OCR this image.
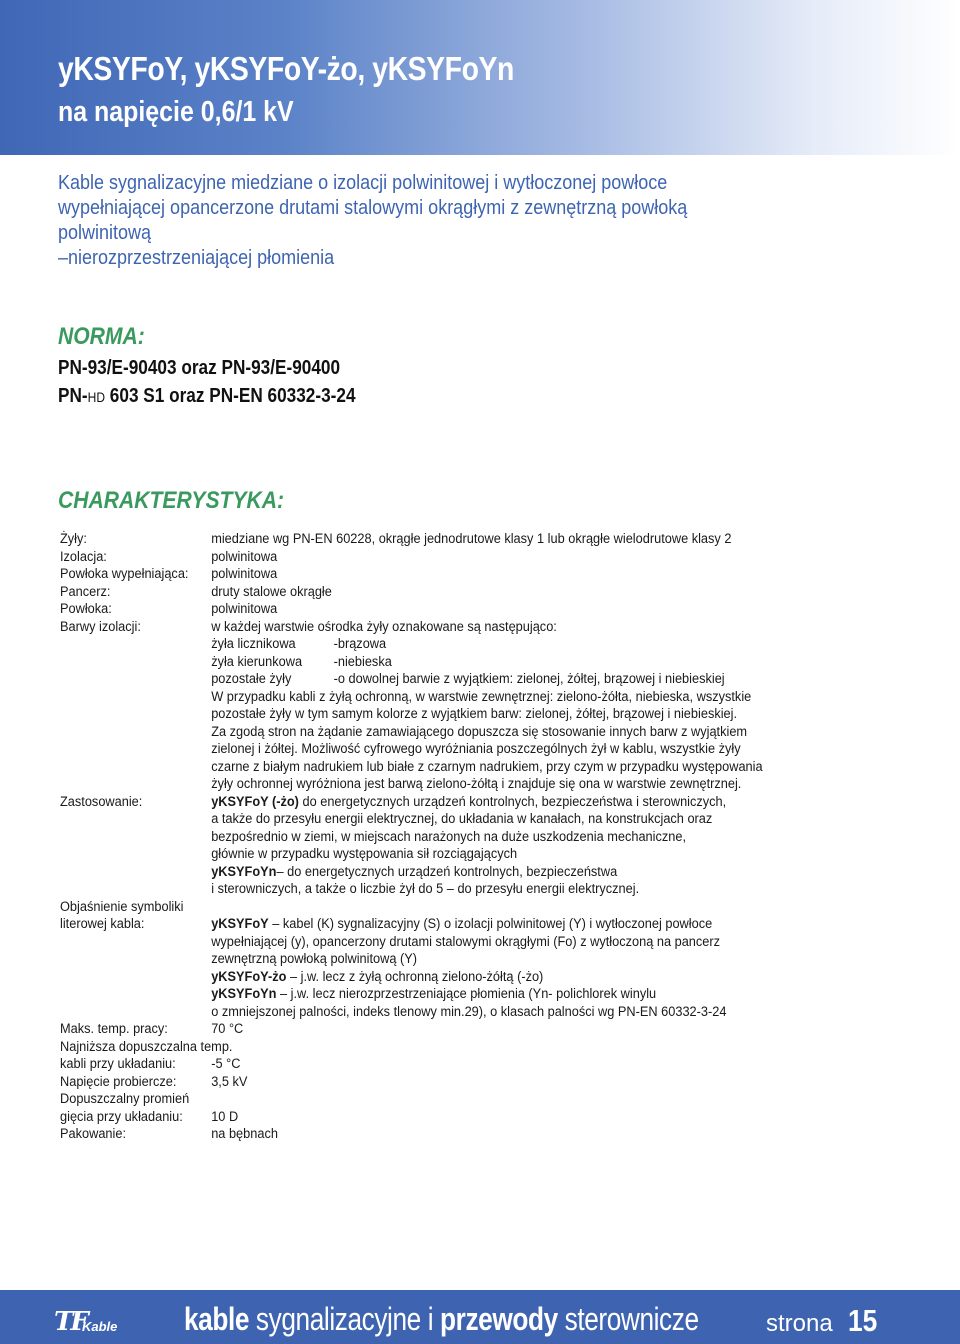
yKSYFoY, yKSYFoY-żo, yKSYFoYn
na napięcie 0,6/1 kV
Kable sygnalizacyjne miedziane o izolacji polwinitowej i wytłoczonej powłoce
wypełniającej opancerzone drutami stalowymi okrągłymi z zewnętrzną powłoką
polwinitową
–nierozprzestrzeniającej płomienia
NORMA:
PN-93/E-90403 oraz PN-93/E-90400
PN-HD 603 S1 oraz PN-EN 60332-3-24
CHARAKTERYSTYKA:
Żyły:	miedziane wg PN-EN 60228, okrągłe jednodrutowe klasy 1 lub okrągłe wielodrutowe klasy 2
Izolacja:	polwinitowa
Powłoka wypełniająca:	polwinitowa
Pancerz:	druty stalowe okrągłe
Powłoka:	polwinitowa
Barwy izolacji:	w każdej warstwie ośrodka żyły oznakowane są następująco:
żyła licznikowa	-brązowa
żyła kierunkowa	-niebieska
pozostałe żyły	-o dowolnej barwie z wyjątkiem: zielonej, żółtej, brązowej i niebieskiej
W przypadku kabli z żyłą ochronną, w warstwie zewnętrznej: zielono-żółta, niebieska, wszystkie
pozostałe żyły w tym samym kolorze z wyjątkiem barw: zielonej, żółtej, brązowej i niebieskiej.
Za zgodą stron na żądanie zamawiającego dopuszcza się stosowanie innych barw z wyjątkiem
zielonej i żółtej. Możliwość cyfrowego wyróżniania poszczególnych żył w kablu, wszystkie żyły
czarne z białym nadrukiem lub białe z czarnym nadrukiem, przy czym w przypadku występowania
żyły ochronnej wyróżniona jest barwą zielono-żółtą i znajduje się ona w warstwie zewnętrznej.
Zastosowanie:	yKSYFoY (-żo) do energetycznych urządzeń kontrolnych, bezpieczeństwa i sterowniczych,
a także do przesyłu energii elektrycznej, do układania w kanałach, na konstrukcjach oraz
bezpośrednio w ziemi, w miejscach narażonych na duże uszkodzenia mechaniczne,
głównie w przypadku występowania sił rozciągających
yKSYFoYn– do energetycznych urządzeń kontrolnych, bezpieczeństwa
i sterowniczych, a także o liczbie żył do 5 – do przesyłu energii elektrycznej.
Objaśnienie symboliki
literowej kabla:	yKSYFoY – kabel (K) sygnalizacyjny (S) o izolacji polwinitowej (Y) i wytłoczonej powłoce
wypełniającej (y), opancerzony drutami stalowymi okrągłymi (Fo) z wytłoczoną na pancerz
zewnętrzną powłoką polwinitową (Y)
yKSYFoY-żo – j.w. lecz z żyłą ochronną zielono-żółtą (-żo)
yKSYFoYn – j.w. lecz nierozprzestrzeniające płomienia (Yn- polichlorek winylu
o zmniejszonej palności, indeks tlenowy min.29), o klasach palności wg PN-EN 60332-3-24
Maks. temp. pracy:	70 °C
Najniższa dopuszczalna temp.
kabli przy układaniu:	-5 °C
Napięcie probiercze:	3,5 kV
Dopuszczalny promień
gięcia przy układaniu:	10 D
Pakowanie:	na bębnach
TF
Kable kable sygnalizacyjne i przewody sterownicze	strona 15
